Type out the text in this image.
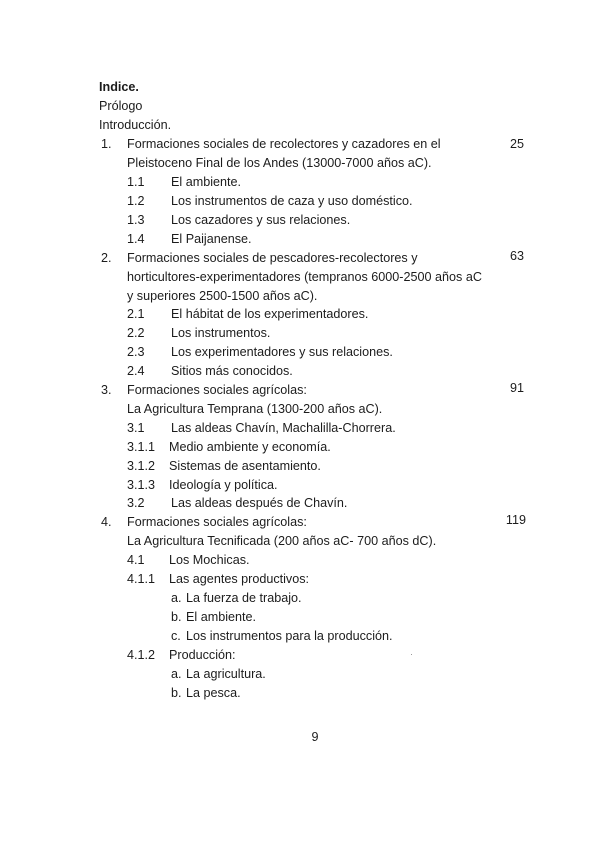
Indice.
Prólogo
Introducción.
1. Formaciones sociales de recolectores y cazadores en el	25
Pleistoceno Final de los Andes (13000-7000 años aC).
1.1 El ambiente.
1.2 Los instrumentos de caza y uso doméstico.
1.3 Los cazadores y sus relaciones.
1.4 El Paijanense.
2. Formaciones sociales de pescadores-recolectores y	63
horticultores-experimentadores (tempranos 6000-2500 años aC
y superiores 2500-1500 años aC).
2.1 El hábitat de los experimentadores.
2.2 Los instrumentos.
2.3 Los experimentadores y sus relaciones.
2.4 Sitios más conocidos.
3. Formaciones sociales agrícolas:	91
La Agricultura Temprana (1300-200 años aC).
3.1 Las aldeas Chavín, Machalilla-Chorrera.
3.1.1 Medio ambiente y economía.
3.1.2 Sistemas de asentamiento.
3.1.3 Ideología y política.
3.2 Las aldeas después de Chavín.
4. Formaciones sociales agrícolas:	119
La Agricultura Tecnificada (200 años aC- 700 años dC).
4.1 Los Mochicas.
4.1.1 Las agentes productivos:
a. La fuerza de trabajo.
b. El ambiente.
c. Los instrumentos para la producción.
4.1.2 Producción:
a. La agricultura.
b. La pesca.
9
